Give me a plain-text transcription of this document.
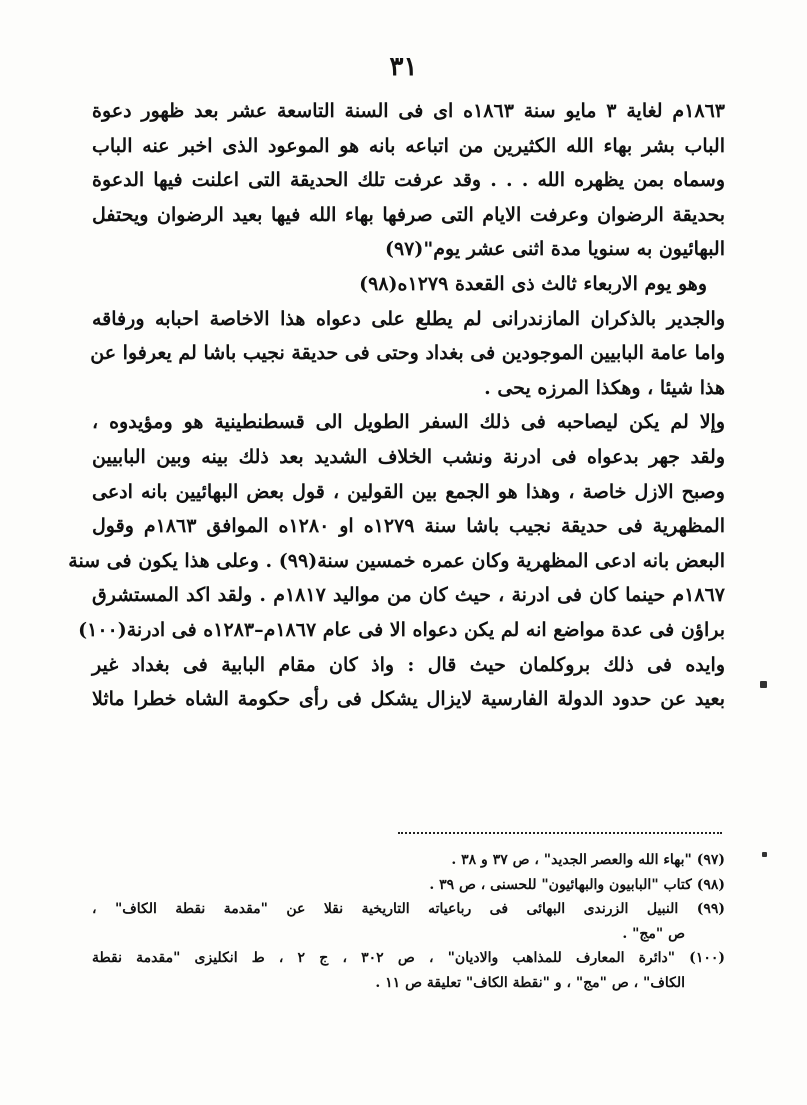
٣١
١٨٦٣م لغاية ٣ مايو سنة ١٨٦٣ه اى فى السنة التاسعة عشر بعد ظهور دعوة
الباب بشر بهاء الله الكثيرين من اتباعه بانه هو الموعود الذى اخبر عنه الباب
وسماه بمن يظهره الله . . . وقد عرفت تلك الحديقة التى اعلنت فيها الدعوة
بحديقة الرضوان وعرفت الايام التى صرفها بهاء الله فيها بعيد الرضوان ويحتفل
البهائيون به سنويا مدة اثنى عشر يوم"(٩٧)
وهو يوم الاربعاء ثالث ذى القعدة ١٢٧٩ه(٩٨)
والجدير بالذكران المازندرانى لم يطلع على دعواه هذا الاخاصة احبابه ورفاقه
واما عامة البابيين الموجودين فى بغداد وحتى فى حديقة نجيب باشا لم يعرفوا عن
هذا شيئا ، وهكذا المرزه يحى .
وإلا لم يكن ليصاحبه فى ذلك السفر الطويل الى قسطنطينية هو ومؤيدوه ،
ولقد جهر بدعواه فى ادرنة ونشب الخلاف الشديد بعد ذلك بينه وبين البابيين
وصبح الازل خاصة ، وهذا هو الجمع بين القولين ، قول بعض البهائيين بانه ادعى
المظهرية فى حديقة نجيب باشا سنة ١٢٧٩ه او ١٢٨٠ه الموافق ١٨٦٣م وقول
البعض بانه ادعى المظهرية وكان عمره خمسين سنة(٩٩) . وعلى هذا يكون فى سنة
١٨٦٧م حينما كان فى ادرنة ، حيث كان من مواليد ١٨١٧م . ولقد اكد المستشرق
براؤن فى عدة مواضع انه لم يكن دعواه الا فى عام ١٨٦٧م–١٢٨٣ه فى ادرنة(١٠٠)
وايده فى ذلك بروكلمان حيث قال : واذ كان مقام البابية فى بغداد غير
بعيد عن حدود الدولة الفارسية لايزال يشكل فى رأى حكومة الشاه خطرا ماثلا
(٩٧) "بهاء الله والعصر الجديد" ، ص ٣٧ و ٣٨ .
(٩٨) كتاب "البابيون والبهائيون" للحسنى ، ص ٣٩ .
(٩٩) النبيل الزرندى البهائى فى رباعياته التاريخية نقلا عن "مقدمة نقطة الكاف" ،
ص "مج" .
(١٠٠) "دائرة المعارف للمذاهب والاديان" ، ص ٣٠٢ ، ج ٢ ، ط انكليزى "مقدمة نقطة
الكاف" ، ص "مج" ، و "نقطة الكاف" تعليقة ص ١١ .
